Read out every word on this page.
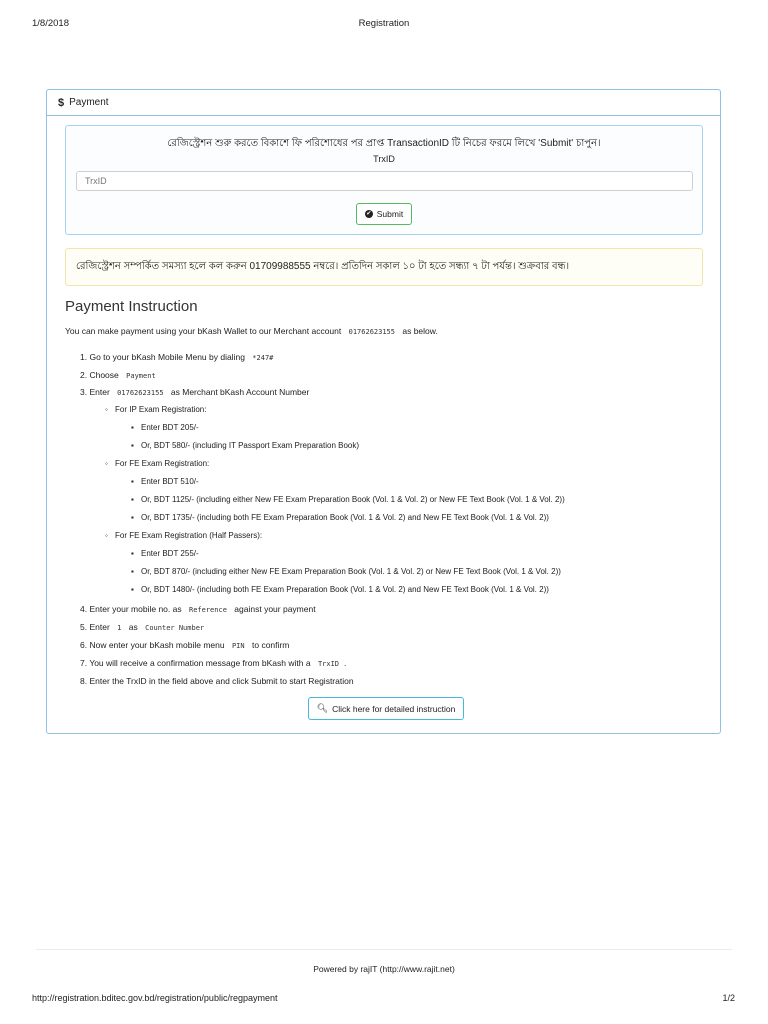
1/8/2018	Registration
$ Payment
রেজিস্ট্রেশন শুরু করতে বিকাশে ফি পরিশোধের পর প্রাপ্ত TransactionID টি নিচের ফরমে লিখে 'Submit' চাপুন।
TrxID
TrxID
✔ Submit
রেজিস্ট্রেশন সম্পর্কিত সমস্যা হলে কল করুন 01709988555 নম্বরে। প্রতিদিন সকাল ১০ টা হতে সন্ধ্যা ৭ টা পর্যন্ত। শুক্রবার বন্ধ।
Payment Instruction
You can make payment using your bKash Wallet to our Merchant account 01762623155 as below.
1. Go to your bKash Mobile Menu by dialing *247#
2. Choose Payment
3. Enter 01762623155 as Merchant bKash Account Number
◦ For IP Exam Registration:
▪ Enter BDT 205/-
▪ Or, BDT 580/- (including IT Passport Exam Preparation Book)
◦ For FE Exam Registration:
▪ Enter BDT 510/-
▪ Or, BDT 1125/- (including either New FE Exam Preparation Book (Vol. 1 & Vol. 2) or New FE Text Book (Vol. 1 & Vol. 2))
▪ Or, BDT 1735/- (including both FE Exam Preparation Book (Vol. 1 & Vol. 2) and New FE Text Book (Vol. 1 & Vol. 2))
◦ For FE Exam Registration (Half Passers):
▪ Enter BDT 255/-
▪ Or, BDT 870/- (including either New FE Exam Preparation Book (Vol. 1 & Vol. 2) or New FE Text Book (Vol. 1 & Vol. 2))
▪ Or, BDT 1480/- (including both FE Exam Preparation Book (Vol. 1 & Vol. 2) and New FE Text Book (Vol. 1 & Vol. 2))
4. Enter your mobile no. as Reference against your payment
5. Enter 1 as Counter Number
6. Now enter your bKash mobile menu PIN to confirm
7. You will receive a confirmation message from bKash with a TrxID .
8. Enter the TrxID in the field above and click Submit to start Registration
🔍︎ Click here for detailed instruction
Powered by rajIT (http://www.rajit.net)
http://registration.bditec.gov.bd/registration/public/regpayment	1/2
